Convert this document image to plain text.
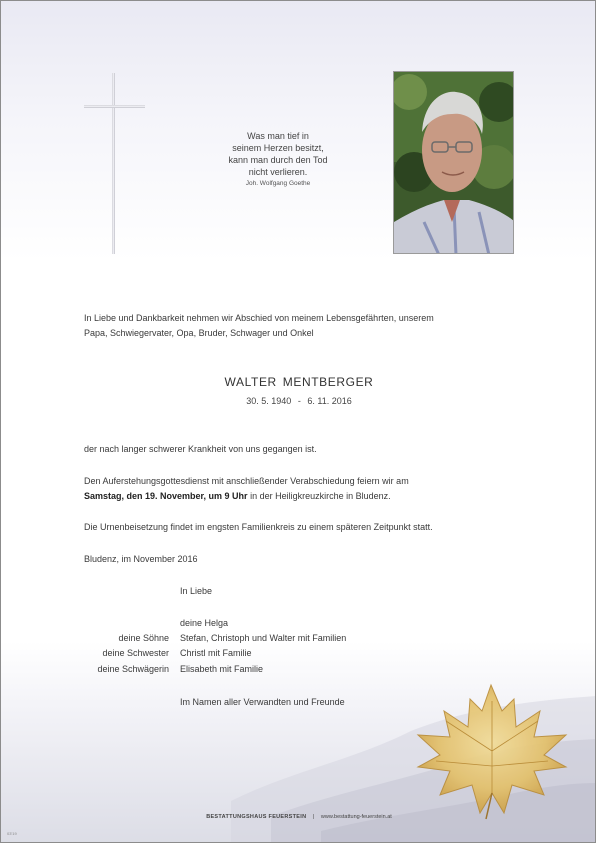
Was man tief in
seinem Herzen besitzt,
kann man durch den Tod
nicht verlieren.
Joh. Wolfgang Goethe
In Liebe und Dankbarkeit nehmen wir Abschied von meinem Lebensgefährten, unserem
Papa, Schwiegervater, Opa, Bruder, Schwager und Onkel
WALTER MENTBERGER
30. 5. 1940 - 6. 11. 2016
der nach langer schwerer Krankheit von uns gegangen ist.
Den Auferstehungsgottesdienst mit anschließender Verabschiedung feiern wir am
Samstag, den 19. November, um 9 Uhr in der Heiligkreuzkirche in Bludenz.
Die Urnenbeisetzung findet im engsten Familienkreis zu einem späteren Zeitpunkt statt.
Bludenz, im November 2016
In Liebe
deine Helga
deine Söhne Stefan, Christoph und Walter mit Familien
deine Schwester Christl mit Familie
deine Schwägerin Elisabeth mit Familie
Im Namen aller Verwandten und Freunde
BESTATTUNGSHAUS FEUERSTEIN | www.bestattung-feuerstein.at
03'19
